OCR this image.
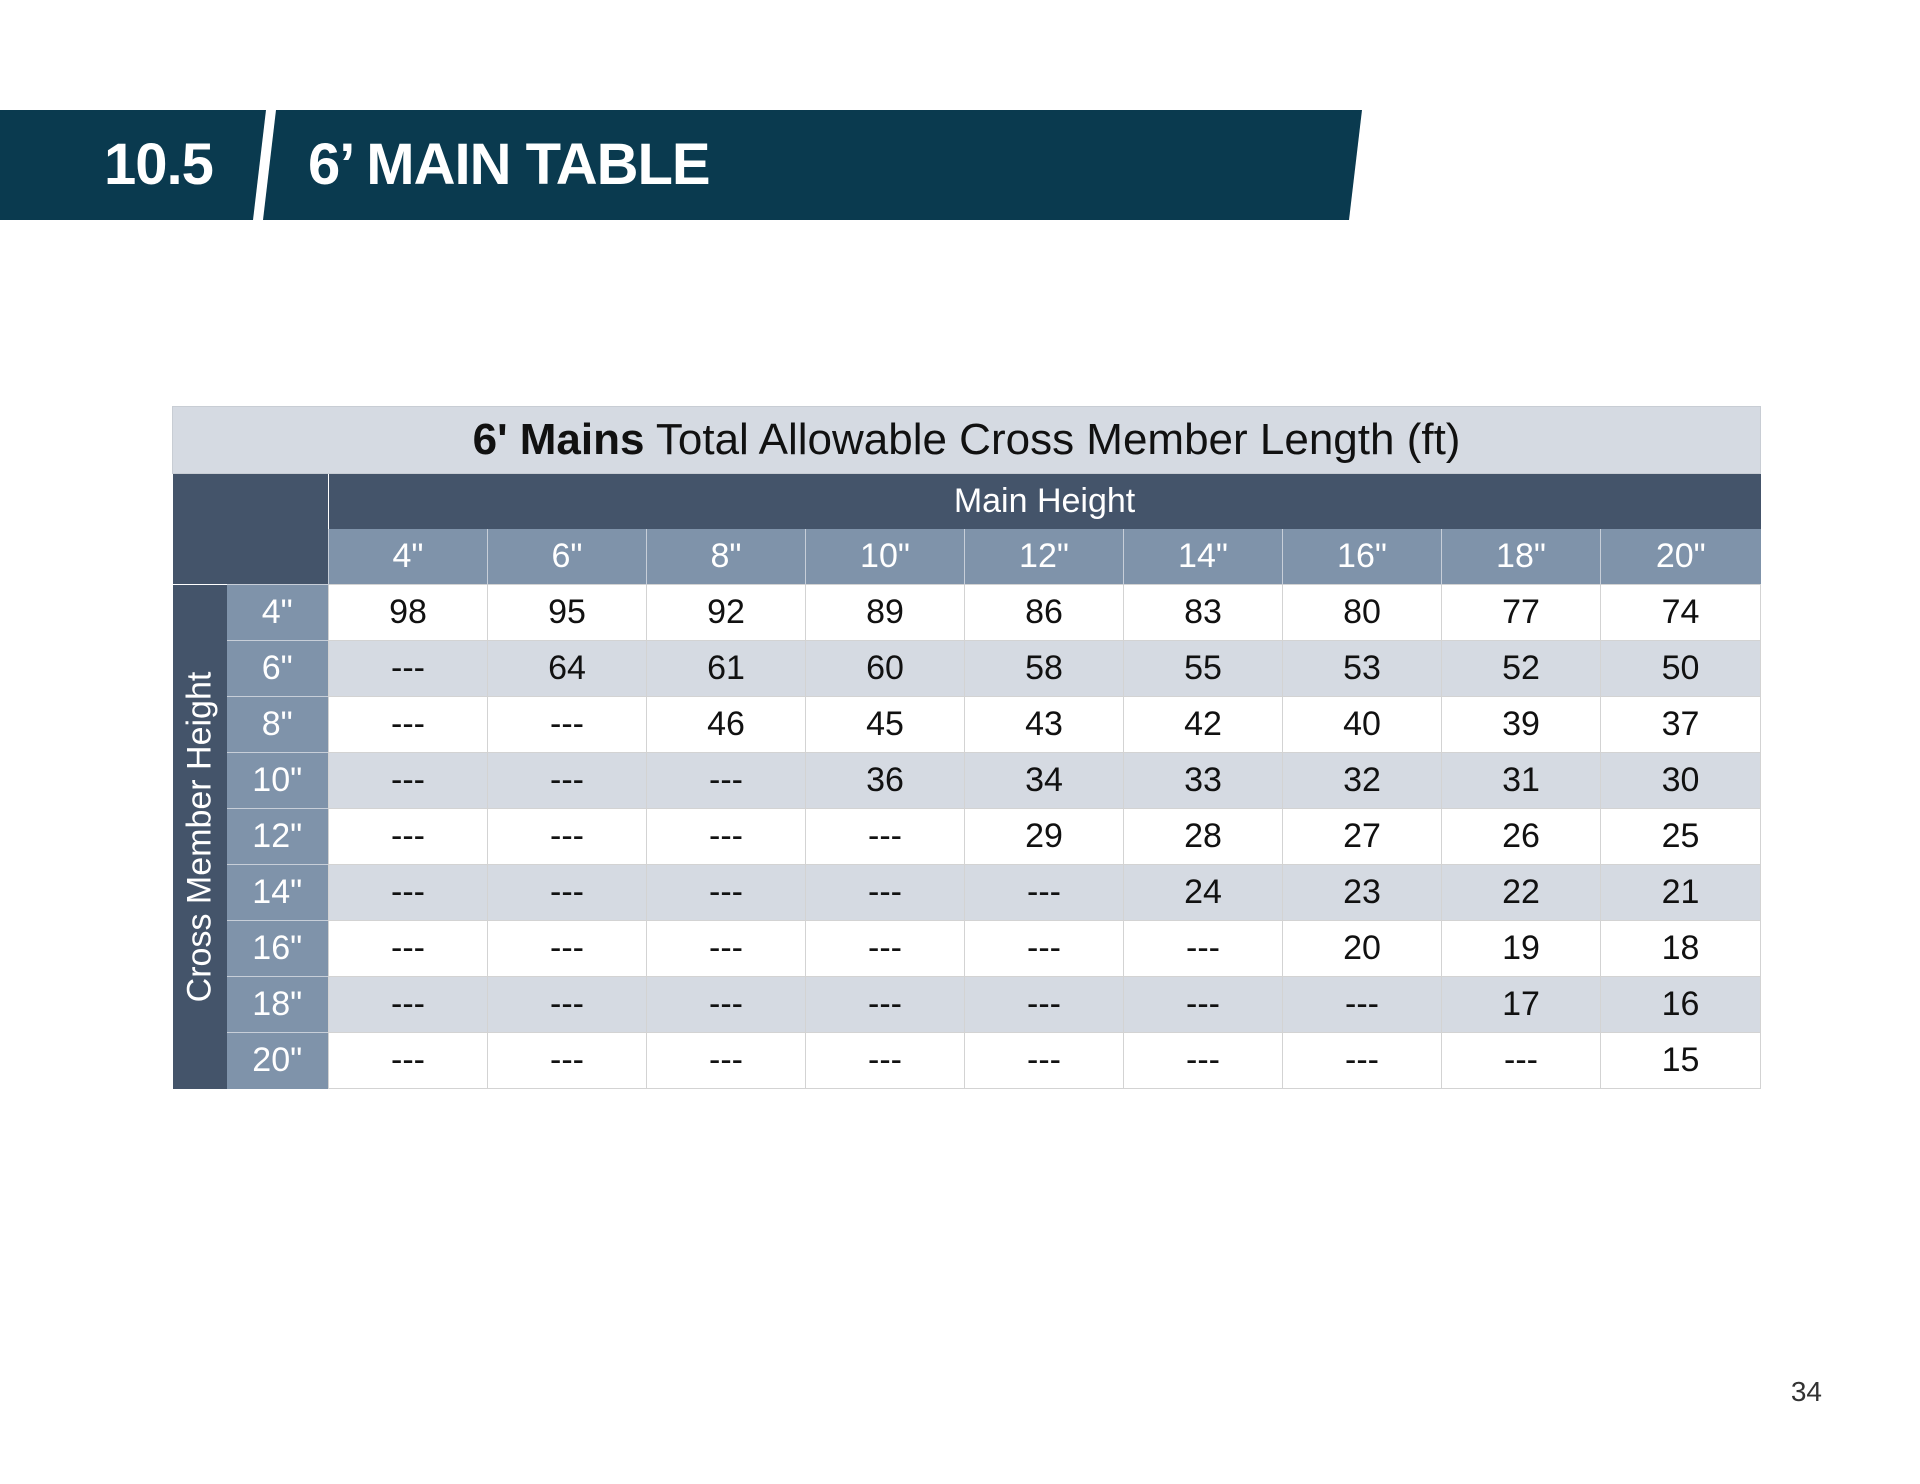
10.5 6’ MAIN TABLE
6' Mains Total Allowable Cross Member Length (ft)										
		Main Height								
		4"	6"	8"	10"	12"	14"	16"	18"	20"

Cross Member Height	4"	98	95	92	89	86	83	80	77	74
	6"	---	64	61	60	58	55	53	52	50
	8"	---	---	46	45	43	42	40	39	37
	10"	---	---	---	36	34	33	32	31	30
	12"	---	---	---	---	29	28	27	26	25
	14"	---	---	---	---	---	24	23	22	21
	16"	---	---	---	---	---	---	20	19	18
	18"	---	---	---	---	---	---	---	17	16
	20"	---	---	---	---	---	---	---	---	15
34
